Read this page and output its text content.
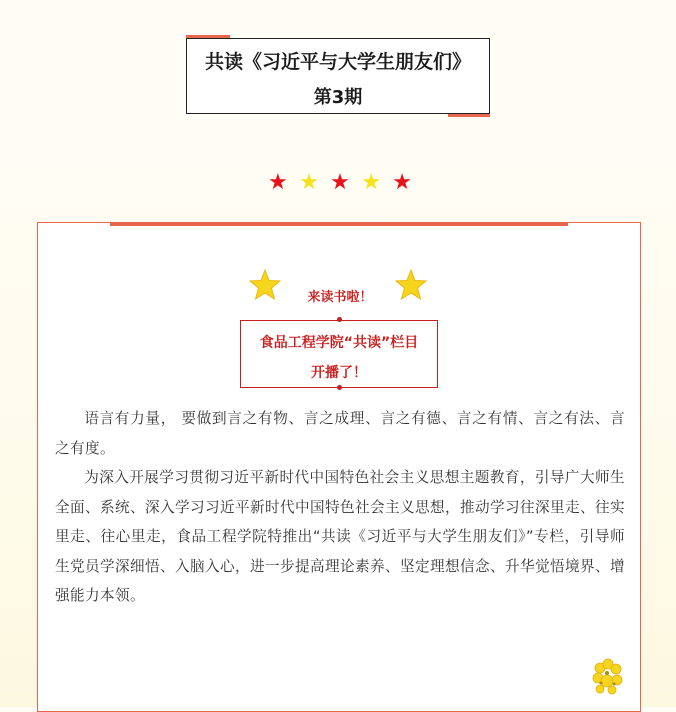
共读《习近平与大学生朋友们》
第3期
★ ★ ★ ★ ★
来读书啦！
食品工程学院“共读”栏目
开播了！

语言有力量， 要做到言之有物、言之成理、言之有德、言之有情、言之有法、言之有度。

为深入开展学习贯彻习近平新时代中国特色社会主义思想主题教育，引导广大师生全面、系统、深入学习习近平新时代中国特色社会主义思想，推动学习往深里走、往实里走、往心里走，食品工程学院特推出“共读《习近平与大学生朋友们》”专栏，引导师生党员学深细悟、入脑入心，进一步提高理论素养、坚定理想信念、升华觉悟境界、增强能力本领。
